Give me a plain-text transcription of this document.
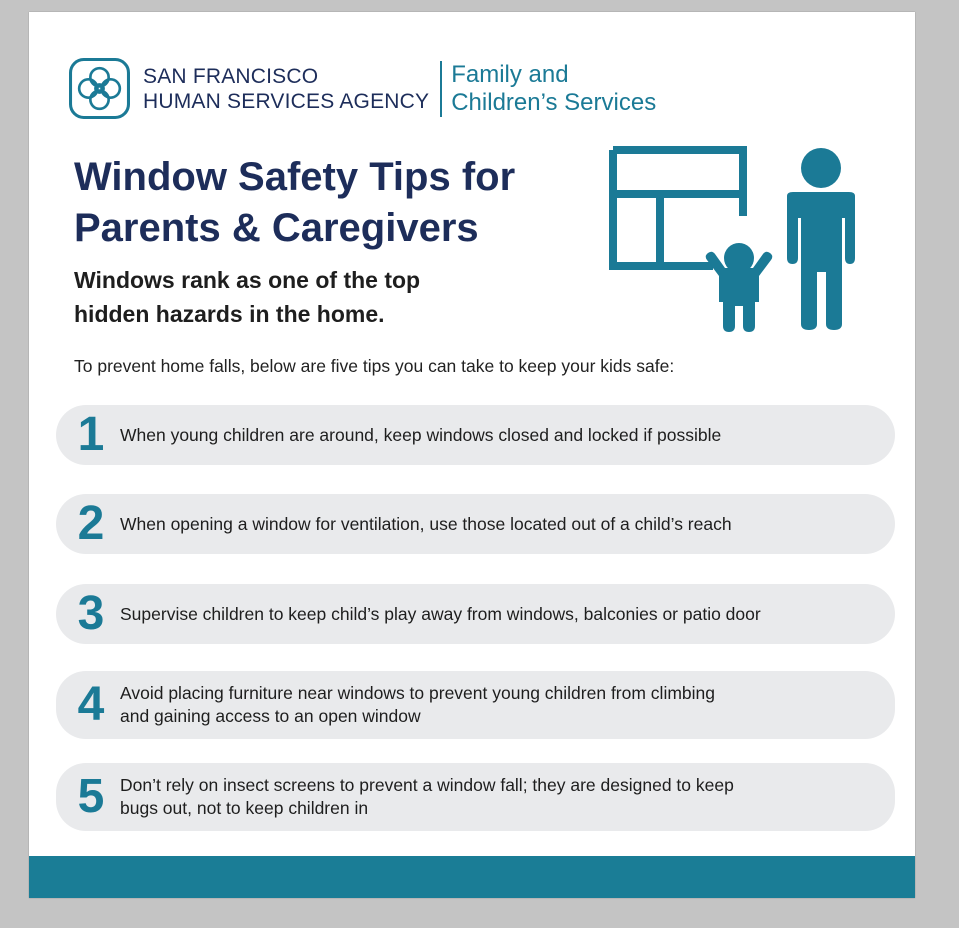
SAN FRANCISCO
HUMAN SERVICES AGENCY
Family and
Children’s Services
Window Safety Tips for
Parents & Caregivers

Windows rank as one of the top
hidden hazards in the home.

To prevent home falls, below are five tips you can take to keep your kids safe:

1 When young children are around, keep windows closed and locked if possible
2 When opening a window for ventilation, use those located out of a child’s reach
3 Supervise children to keep child’s play away from windows, balconies or patio door
4 Avoid placing furniture near windows to prevent young children from climbing
and gaining access to an open window
5 Don’t rely on insect screens to prevent a window fall; they are designed to keep
bugs out, not to keep children in
